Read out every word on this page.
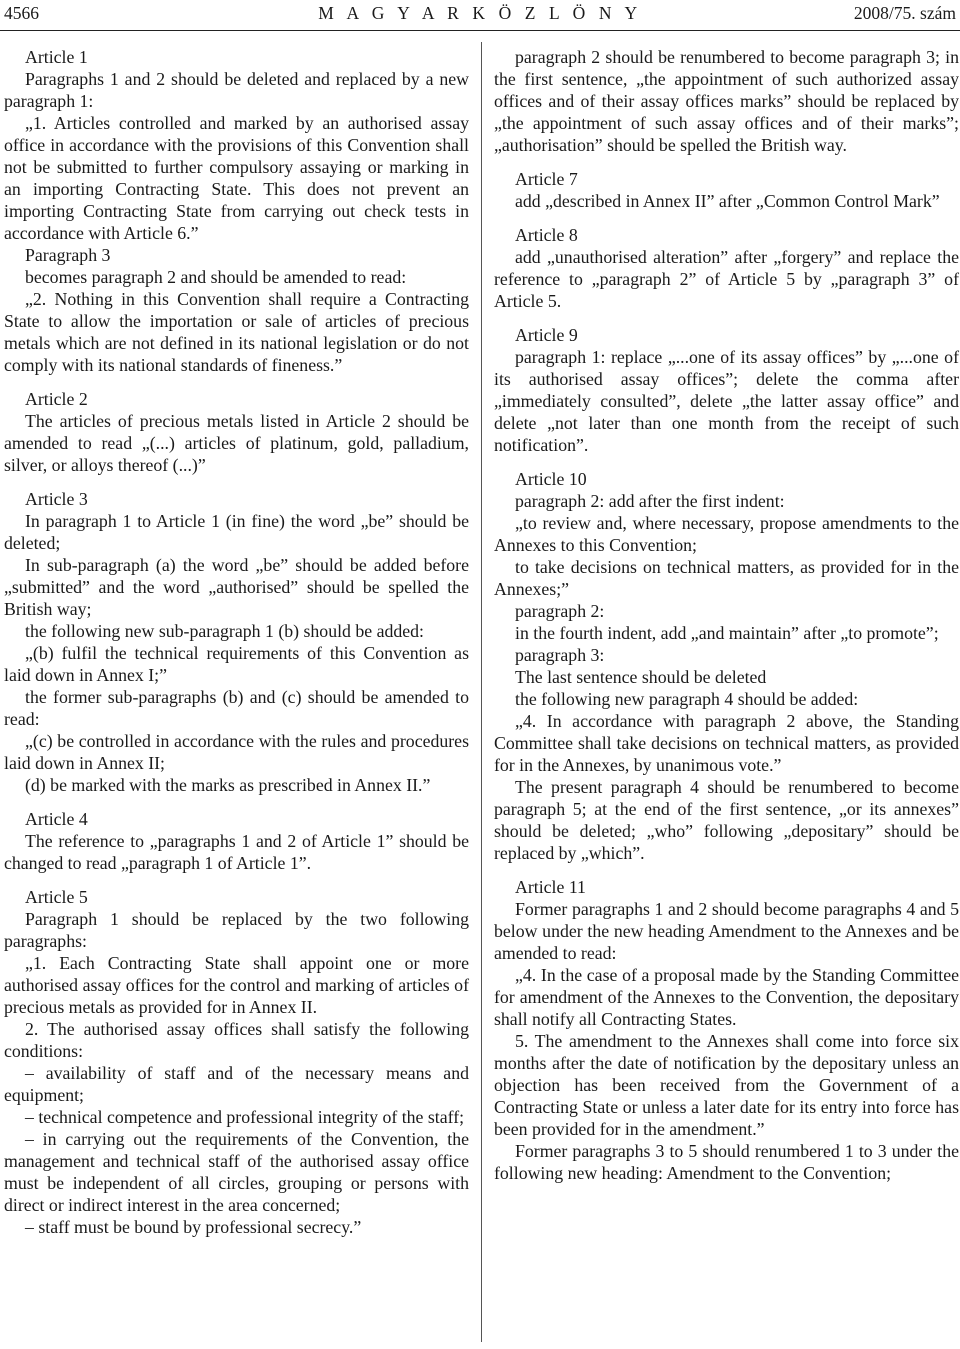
4566	M A G Y A R K Ö Z L Ö N Y	2008/75. szám

Article 1

Paragraphs 1 and 2 should be deleted and replaced by a new paragraph 1:

„1. Articles controlled and marked by an authorised assay office in accordance with the provisions of this Convention shall not be submitted to further compulsory assaying or marking in an importing Contracting State. This does not prevent an importing Contracting State from carrying out check tests in accordance with Article 6.”

Paragraph 3

becomes paragraph 2 and should be amended to read:

„2. Nothing in this Convention shall require a Contracting State to allow the importation or sale of articles of precious metals which are not defined in its national legislation or do not comply with its national standards of fineness.”

Article 2

The articles of precious metals listed in Article 2 should be amended to read „(...) articles of platinum, gold, palladium, silver, or alloys thereof (...)”

Article 3

In paragraph 1 to Article 1 (in fine) the word „be” should be deleted;

In sub-paragraph (a) the word „be” should be added before „submitted” and the word „authorised” should be spelled the British way;

the following new sub-paragraph 1 (b) should be added:

„(b) fulfil the technical requirements of this Convention as laid down in Annex I;”

the former sub-paragraphs (b) and (c) should be amended to read:

„(c) be controlled in accordance with the rules and procedures laid down in Annex II;

(d) be marked with the marks as prescribed in Annex II.”

Article 4

The reference to „paragraphs 1 and 2 of Article 1” should be changed to read „paragraph 1 of Article 1”.

Article 5

Paragraph 1 should be replaced by the two following paragraphs:

„1. Each Contracting State shall appoint one or more authorised assay offices for the control and marking of articles of precious metals as provided for in Annex II.

2. The authorised assay offices shall satisfy the following conditions:

– availability of staff and of the necessary means and equipment;

– technical competence and professional integrity of the staff;

– in carrying out the requirements of the Convention, the management and technical staff of the authorised assay office must be independent of all circles, grouping or persons with direct or indirect interest in the area concerned;

– staff must be bound by professional secrecy.”

paragraph 2 should be renumbered to become paragraph 3; in the first sentence, „the appointment of such authorized assay offices and of their assay offices marks” should be replaced by „the appointment of such assay offices and of their marks”; „authorisation” should be spelled the British way.

Article 7

add „described in Annex II” after „Common Control Mark”

Article 8

add „unauthorised alteration” after „forgery” and replace the reference to „paragraph 2” of Article 5 by „paragraph 3” of Article 5.

Article 9

paragraph 1: replace „...one of its assay offices” by „...one of its authorised assay offices”; delete the comma after „immediately consulted”, delete „the latter assay office” and delete „not later than one month from the receipt of such notification”.

Article 10

paragraph 2: add after the first indent:

„to review and, where necessary, propose amendments to the Annexes to this Convention;

to take decisions on technical matters, as provided for in the Annexes;”

paragraph 2:

in the fourth indent, add „and maintain” after „to promote”;

paragraph 3:

The last sentence should be deleted

the following new paragraph 4 should be added:

„4. In accordance with paragraph 2 above, the Standing Committee shall take decisions on technical matters, as provided for in the Annexes, by unanimous vote.”

The present paragraph 4 should be renumbered to become paragraph 5; at the end of the first sentence, „or its annexes” should be deleted; „who” following „depositary” should be replaced by „which”.

Article 11

Former paragraphs 1 and 2 should become paragraphs 4 and 5 below under the new heading Amendment to the Annexes and be amended to read:

„4. In the case of a proposal made by the Standing Committee for amendment of the Annexes to the Convention, the depositary shall notify all Contracting States.

5. The amendment to the Annexes shall come into force six months after the date of notification by the depositary unless an objection has been received from the Government of a Contracting State or unless a later date for its entry into force has been provided for in the amendment.”

Former paragraphs 3 to 5 should renumbered 1 to 3 under the following new heading: Amendment to the Convention;
